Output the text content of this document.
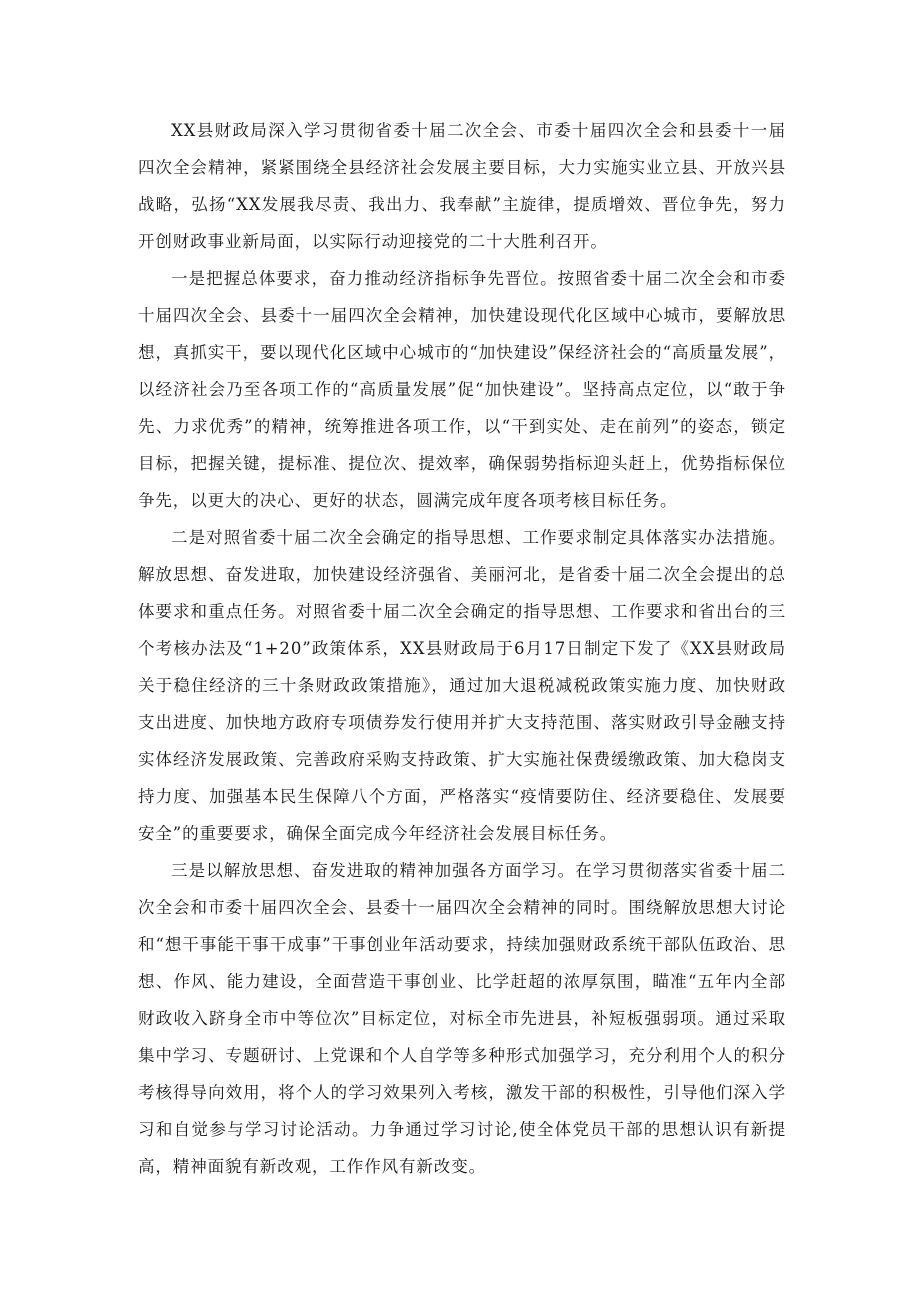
XX县财政局深入学习贯彻省委十届二次全会、市委十届四次全会和县委十一届四次全会精神，紧紧围绕全县经济社会发展主要目标，大力实施实业立县、开放兴县战略，弘扬“XX发展我尽责、我出力、我奉献”主旋律，提质增效、晋位争先，努力开创财政事业新局面，以实际行动迎接党的二十大胜利召开。

一是把握总体要求，奋力推动经济指标争先晋位。按照省委十届二次全会和市委十届四次全会、县委十一届四次全会精神，加快建设现代化区域中心城市，要解放思想，真抓实干，要以现代化区域中心城市的“加快建设”保经济社会的“高质量发展”，以经济社会乃至各项工作的“高质量发展”促“加快建设”。坚持高点定位，以“敢于争先、力求优秀”的精神，统筹推进各项工作，以“干到实处、走在前列”的姿态，锁定目标，把握关键，提标准、提位次、提效率，确保弱势指标迎头赶上，优势指标保位争先，以更大的决心、更好的状态，圆满完成年度各项考核目标任务。

二是对照省委十届二次全会确定的指导思想、工作要求制定具体落实办法措施。解放思想、奋发进取，加快建设经济强省、美丽河北，是省委十届二次全会提出的总体要求和重点任务。对照省委十届二次全会确定的指导思想、工作要求和省出台的三个考核办法及“1+20”政策体系，XX县财政局于6月17日制定下发了《XX县财政局关于稳住经济的三十条财政政策措施》，通过加大退税减税政策实施力度、加快财政支出进度、加快地方政府专项债券发行使用并扩大支持范围、落实财政引导金融支持实体经济发展政策、完善政府采购支持政策、扩大实施社保费缓缴政策、加大稳岗支持力度、加强基本民生保障八个方面，严格落实“疫情要防住、经济要稳住、发展要安全”的重要要求，确保全面完成今年经济社会发展目标任务。

三是以解放思想、奋发进取的精神加强各方面学习。在学习贯彻落实省委十届二次全会和市委十届四次全会、县委十一届四次全会精神的同时。围绕解放思想大讨论和“想干事能干事干成事”干事创业年活动要求，持续加强财政系统干部队伍政治、思想、作风、能力建设，全面营造干事创业、比学赶超的浓厚氛围，瞄准“五年内全部财政收入跻身全市中等位次”目标定位，对标全市先进县，补短板强弱项。通过采取集中学习、专题研讨、上党课和个人自学等多种形式加强学习，充分利用个人的积分考核得导向效用，将个人的学习效果列入考核，激发干部的积极性，引导他们深入学习和自觉参与学习讨论活动。力争通过学习讨论,使全体党员干部的思想认识有新提高，精神面貌有新改观，工作作风有新改变。
